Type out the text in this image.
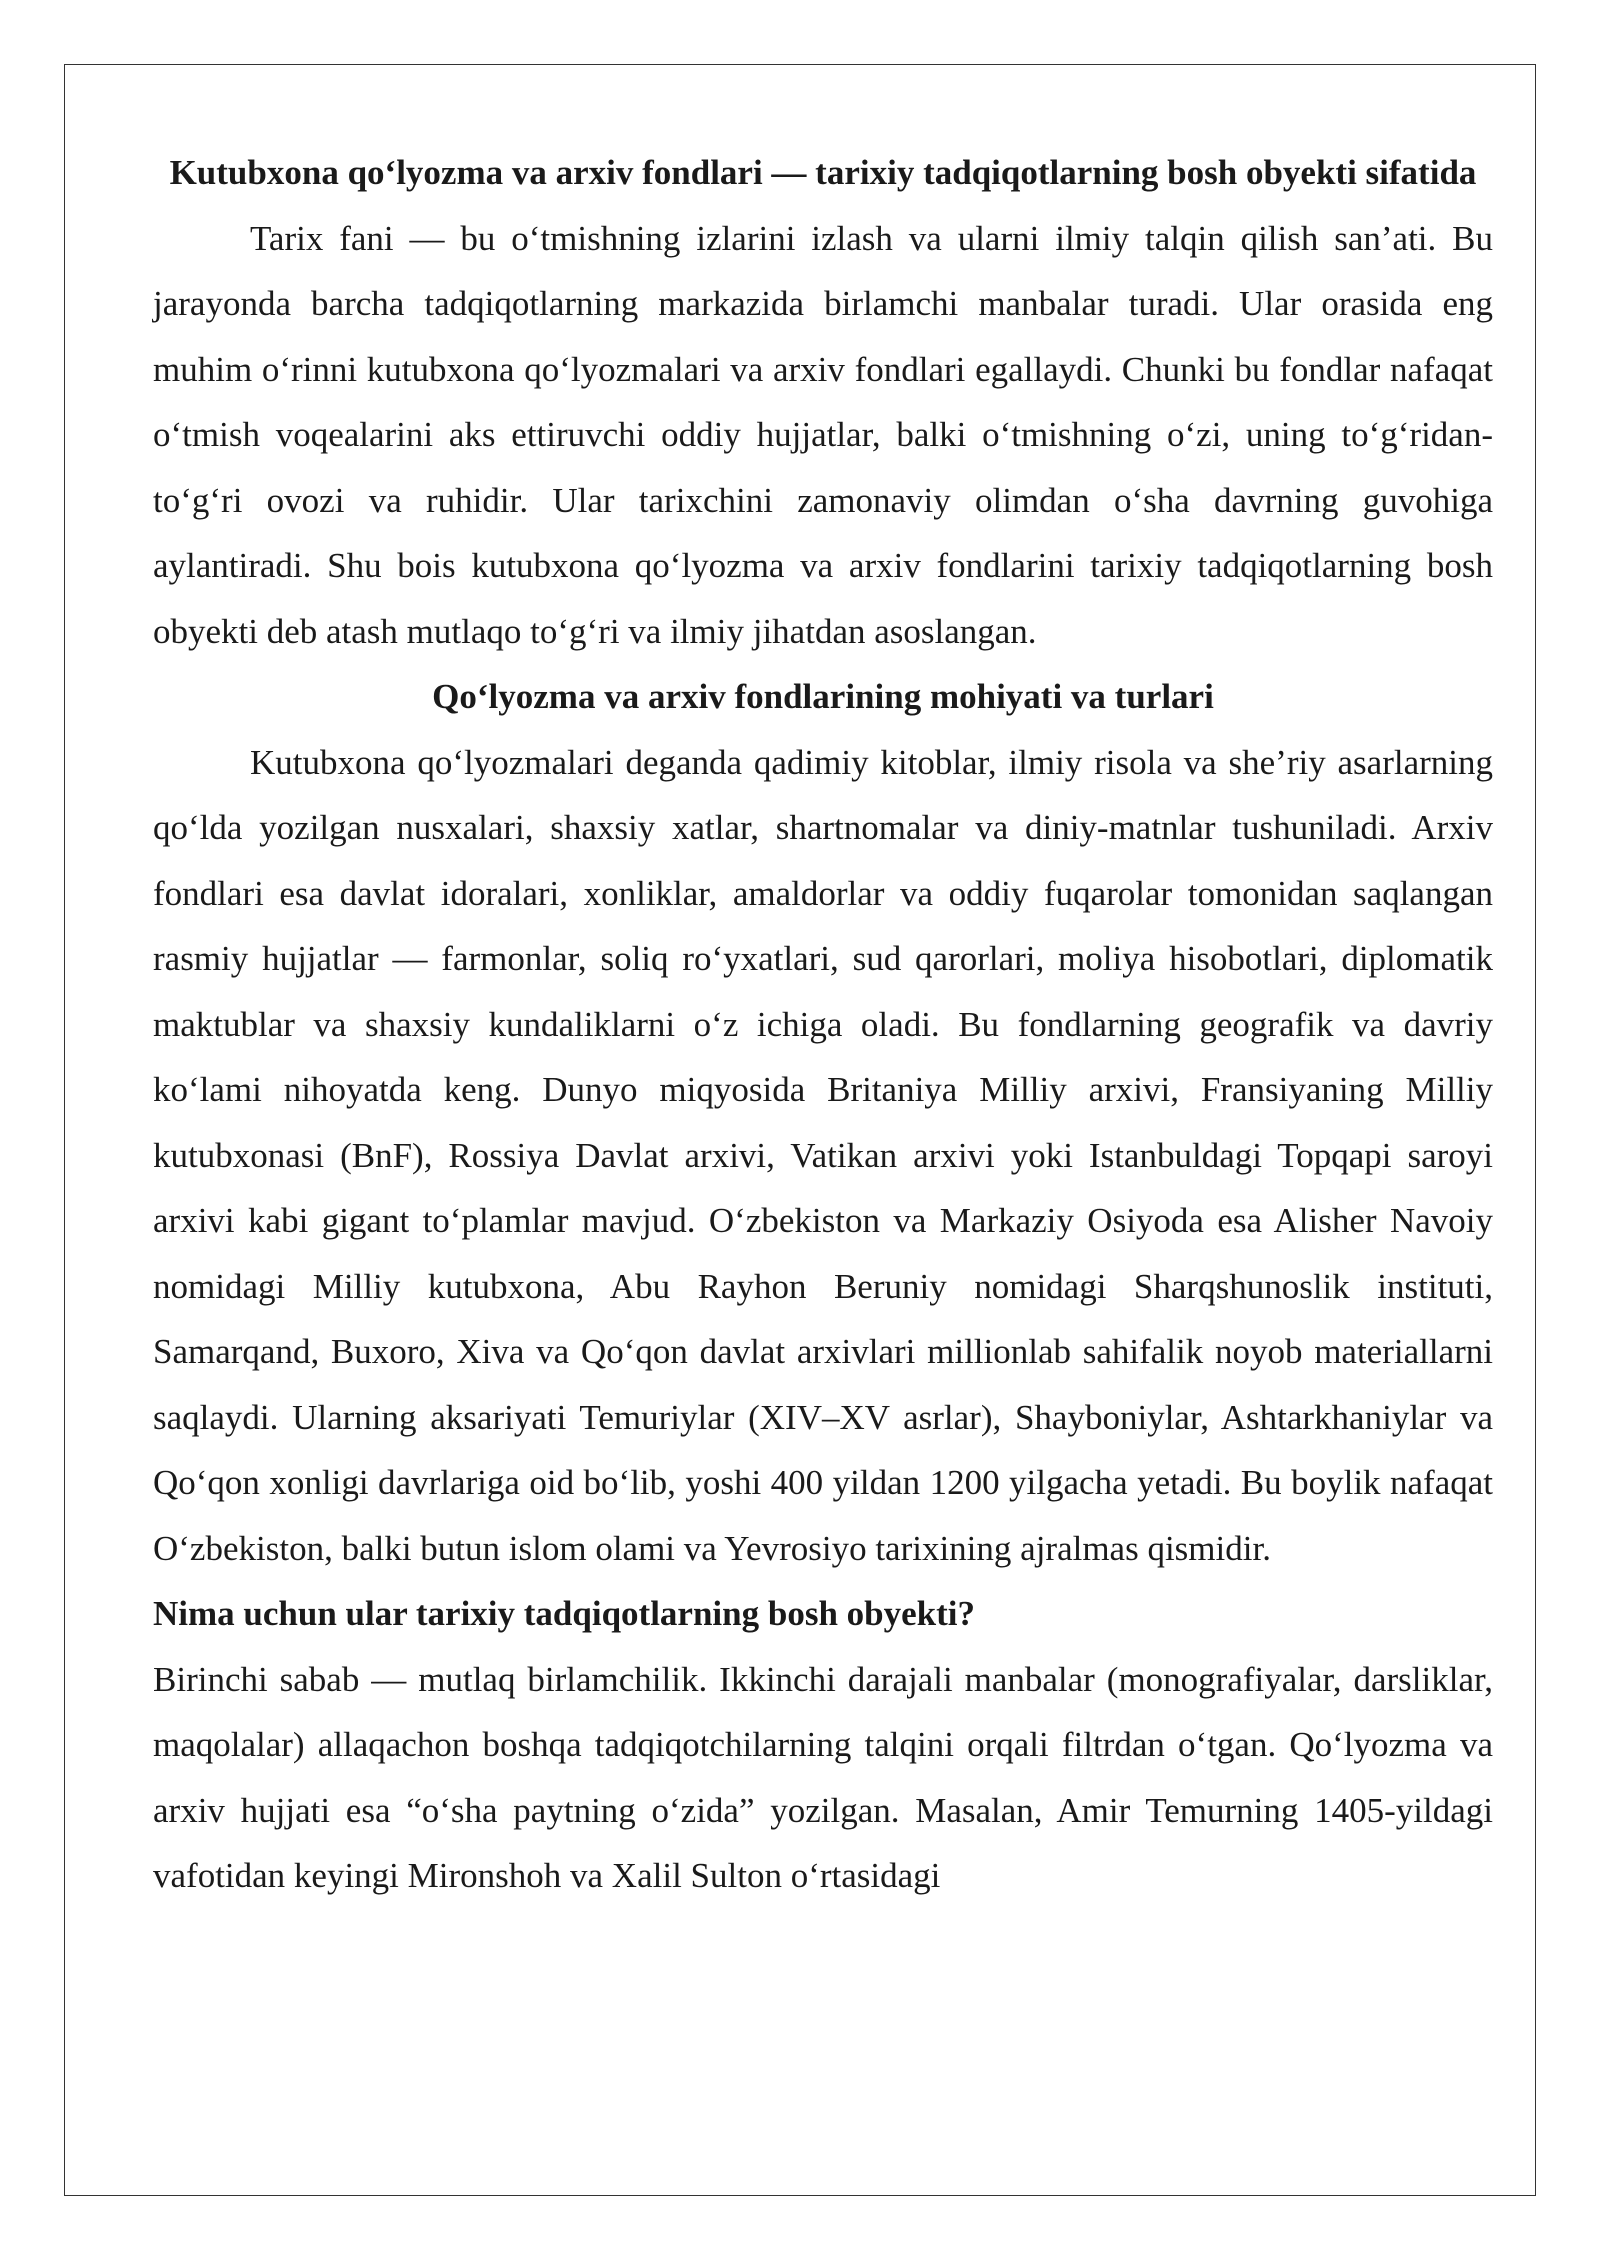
Kutubxona qo‘lyozma va arxiv fondlari — tarixiy tadqiqotlarning bosh obyekti sifatida

Tarix fani — bu o‘tmishning izlarini izlash va ularni ilmiy talqin qilish san’ati. Bu jarayonda barcha tadqiqotlarning markazida birlamchi manbalar turadi. Ular orasida eng muhim o‘rinni kutubxona qo‘lyozmalari va arxiv fondlari egallaydi. Chunki bu fondlar nafaqat o‘tmish voqealarini aks ettiruvchi oddiy hujjatlar, balki o‘tmishning o‘zi, uning to‘g‘ridan-to‘g‘ri ovozi va ruhidir. Ular tarixchini zamonaviy olimdan o‘sha davrning guvohiga aylantiradi. Shu bois kutubxona qo‘lyozma va arxiv fondlarini tarixiy tadqiqotlarning bosh obyekti deb atash mutlaqo to‘g‘ri va ilmiy jihatdan asoslangan.

Qo‘lyozma va arxiv fondlarining mohiyati va turlari

Kutubxona qo‘lyozmalari deganda qadimiy kitoblar, ilmiy risola va she’riy asarlarning qo‘lda yozilgan nusxalari, shaxsiy xatlar, shartnomalar va diniy-matnlar tushuniladi. Arxiv fondlari esa davlat idoralari, xonliklar, amaldorlar va oddiy fuqarolar tomonidan saqlangan rasmiy hujjatlar — farmonlar, soliq ro‘yxatlari, sud qarorlari, moliya hisobotlari, diplomatik maktublar va shaxsiy kundaliklarni o‘z ichiga oladi. Bu fondlarning geografik va davriy ko‘lami nihoyatda keng. Dunyo miqyosida Britaniya Milliy arxivi, Fransiyaning Milliy kutubxonasi (BnF), Rossiya Davlat arxivi, Vatikan arxivi yoki Istanbuldagi Topqapi saroyi arxivi kabi gigant to‘plamlar mavjud. O‘zbekiston va Markaziy Osiyoda esa Alisher Navoiy nomidagi Milliy kutubxona, Abu Rayhon Beruniy nomidagi Sharqshunoslik instituti, Samarqand, Buxoro, Xiva va Qo‘qon davlat arxivlari millionlab sahifalik noyob materiallarni saqlaydi. Ularning aksariyati Temuriylar (XIV–XV asrlar), Shayboniylar, Ashtarkhaniylar va Qo‘qon xonligi davrlariga oid bo‘lib, yoshi 400 yildan 1200 yilgacha yetadi. Bu boylik nafaqat O‘zbekiston, balki butun islom olami va Yevrosiyo tarixining ajralmas qismidir.

Nima uchun ular tarixiy tadqiqotlarning bosh obyekti?

Birinchi sabab — mutlaq birlamchilik. Ikkinchi darajali manbalar (monografiyalar, darsliklar, maqolalar) allaqachon boshqa tadqiqotchilarning talqini orqali filtrdan o‘tgan. Qo‘lyozma va arxiv hujjati esa “o‘sha paytning o‘zida” yozilgan. Masalan, Amir Temurning 1405-yildagi vafotidan keyingi Mironshoh va Xalil Sulton o‘rtasidagi
